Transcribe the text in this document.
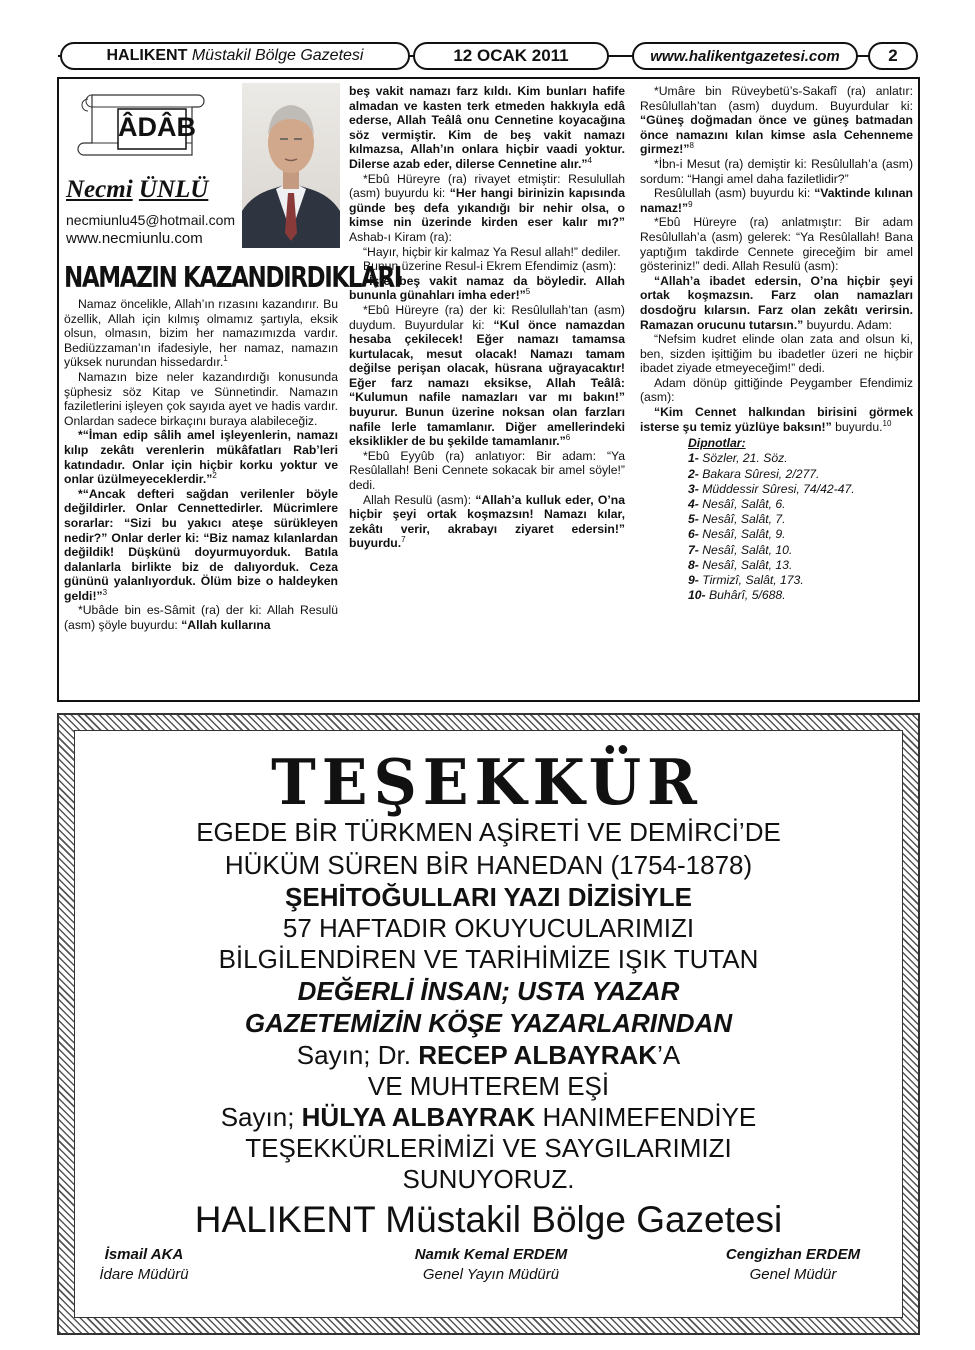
HALIKENT
Müstakil Bölge Gazetesi	12 OCAK 2011	www.halikentgazetesi.com	2
ÂDÂB
Necmi ÜNLÜ
necmiunlu45@hotmail.com
www.necmiunlu.com
NAMAZIN KAZANDIRDIKLARI

Namaz öncelikle, Allah’ın rızasını kazandırır. Bu özellik, Allah için kılmış olmamız şartıyla, eksik olsun, olmasın, bizim her namazımızda vardır. Bediüzzaman’ın ifadesiyle, her namaz, namazın yüksek nurundan hissedardır.$^1$

Namazın bize neler kazandırdığı konusunda şüphesiz söz Kitap ve Sünnetindir. Namazın faziletlerini işleyen çok sayıda ayet ve hadis vardır. Onlardan sadece birkaçını buraya alabileceğiz.

*“İman edip sâlih amel işleyenlerin, namazı kılıp zekâtı verenlerin mükâfatları Rab’leri katındadır. Onlar için hiçbir korku yoktur ve onlar üzülmeyeceklerdir.”$^2$

*“Ancak defteri sağdan verilenler böyle değildirler. Onlar Cennettedirler. Mücrimlere sorarlar: “Sizi bu yakıcı ateşe sürükleyen nedir?” Onlar derler ki: “Biz namaz kılanlardan değildik! Düşkünü doyurmuyorduk. Batıla dalanlarla birlikte biz de dalıyorduk. Ceza gününü yalanlıyorduk. Ölüm bize o haldeyken geldi!”$^3$

*Ubâde bin es-Sâmit (ra) der ki: Allah Resulü (asm) şöyle buyurdu: “Allah kullarına

beş vakit namazı farz kıldı. Kim bunları hafife almadan ve kasten terk etmeden hakkıyla edâ ederse, Allah Teâlâ onu Cennetine koyacağına söz vermiştir. Kim de beş vakit namazı kılmazsa, Allah’ın onlara hiçbir vaadi yoktur. Dilerse azab eder, dilerse Cennetine alır.”$^4$

*Ebû Hüreyre (ra) rivayet etmiştir: Resulullah (asm) buyurdu ki: “Her hangi birinizin kapısında günde beş defa yıkandığı bir nehir olsa, o kimse nin üzerinde kirden eser kalır mı?” Ashab-ı Kiram (ra):

“Hayır, hiçbir kir kalmaz Ya Resul allah!” dediler.

Bunun üzerine Resul-i Ekrem Efendimiz (asm):

“İşte beş vakit namaz da böyledir. Allah bununla günahları imha eder!”$^5$

*Ebû Hüreyre (ra) der ki: Resûlullah’tan (asm) duydum. Buyurdular ki: “Kul önce namazdan hesaba çekilecek! Eğer namazı tamamsa kurtulacak, mesut olacak! Namazı tamam değilse perişan olacak, hüsrana uğrayacaktır! Eğer farz namazı eksikse, Allah Teâlâ: “Kulumun nafile namazları var mı bakın!” buyurur. Bunun üzerine noksan olan farzları nafile lerle tamamlanır. Diğer amellerindeki eksiklikler de bu şekilde tamamlanır.”$^6$

*Ebû Eyyûb (ra) anlatıyor: Bir adam: “Ya Resûlallah! Beni Cennete sokacak bir amel söyle!” dedi.

Allah Resulü (asm): “Allah’a kulluk eder, O’na hiçbir şeyi ortak koşmazsın! Namazı kılar, zekâtı verir, akrabayı ziyaret edersin!” buyurdu.$^7$

*Umâre bin Rüveybetü’s-Sakafî (ra) anlatır: Resûlullah’tan (asm) duydum. Buyurdular ki: “Güneş doğmadan önce ve güneş batmadan önce namazını kılan kimse asla Cehenneme girmez!”$^8$

*İbn-i Mesut (ra) demiştir ki: Resûlullah’a (asm) sordum: “Hangi amel daha faziletlidir?”

Resûlullah (asm) buyurdu ki: “Vaktinde kılınan namaz!”$^9$

*Ebû Hüreyre (ra) anlatmıştır: Bir adam Resûlullah’a (asm) gelerek: “Ya Resûlallah! Bana yaptığım takdirde Cennete gireceğim bir amel gösteriniz!” dedi. Allah Resulü (asm):

“Allah’a ibadet edersin, O’na hiçbir şeyi ortak koşmazsın. Farz olan namazları dosdoğru kılarsın. Farz olan zekâtı verirsin. Ramazan orucunu tutarsın.” buyurdu. Adam:

“Nefsim kudret elinde olan zata and olsun ki, ben, sizden işittiğim bu ibadetler üzeri ne hiçbir ibadet ziyade etmeyeceğim!” dedi.

Adam dönüp gittiğinde Peygamber Efendimiz (asm):

“Kim Cennet halkından birisini görmek isterse şu temiz yüzlüye baksın!” buyurdu.$^{10}$

Dipnotlar:
1- Sözler, 21. Söz.
2- Bakara Sûresi, 2/277.
3- Müddessir Sûresi, 74/42-47.
4- Nesâî, Salât, 6.
5- Nesâî, Salât, 7.
6- Nesâî, Salât, 9.
7- Nesâî, Salât, 10.
8- Nesâî, Salât, 13.
9- Tirmizî, Salât, 173.
10- Buhârî, 5/688.
TEŞEKKÜR
EGEDE BİR TÜRKMEN AŞİRETİ VE DEMİRCİ’DE
HÜKÜM SÜREN BİR HANEDAN (1754-1878)
ŞEHİTOĞULLARI YAZI DİZİSİYLE
57 HAFTADIR OKUYUCULARIMIZI
BİLGİLENDİREN VE TARİHİMİZE IŞIK TUTAN
DEĞERLİ İNSAN; USTA YAZAR
GAZETEMİZİN KÖŞE YAZARLARINDAN
Sayın; Dr. RECEP ALBAYRAK’A
VE MUHTEREM EŞİ
Sayın; HÜLYA ALBAYRAK HANIMEFENDİYE
TEŞEKKÜRLERİMİZİ VE SAYGILARIMIZI
SUNUYORUZ.
HALIKENT Müstakil Bölge Gazetesi
İsmail AKA
İdare Müdürü
Namık Kemal ERDEM
Genel Yayın Müdürü
Cengizhan ERDEM
Genel Müdür
